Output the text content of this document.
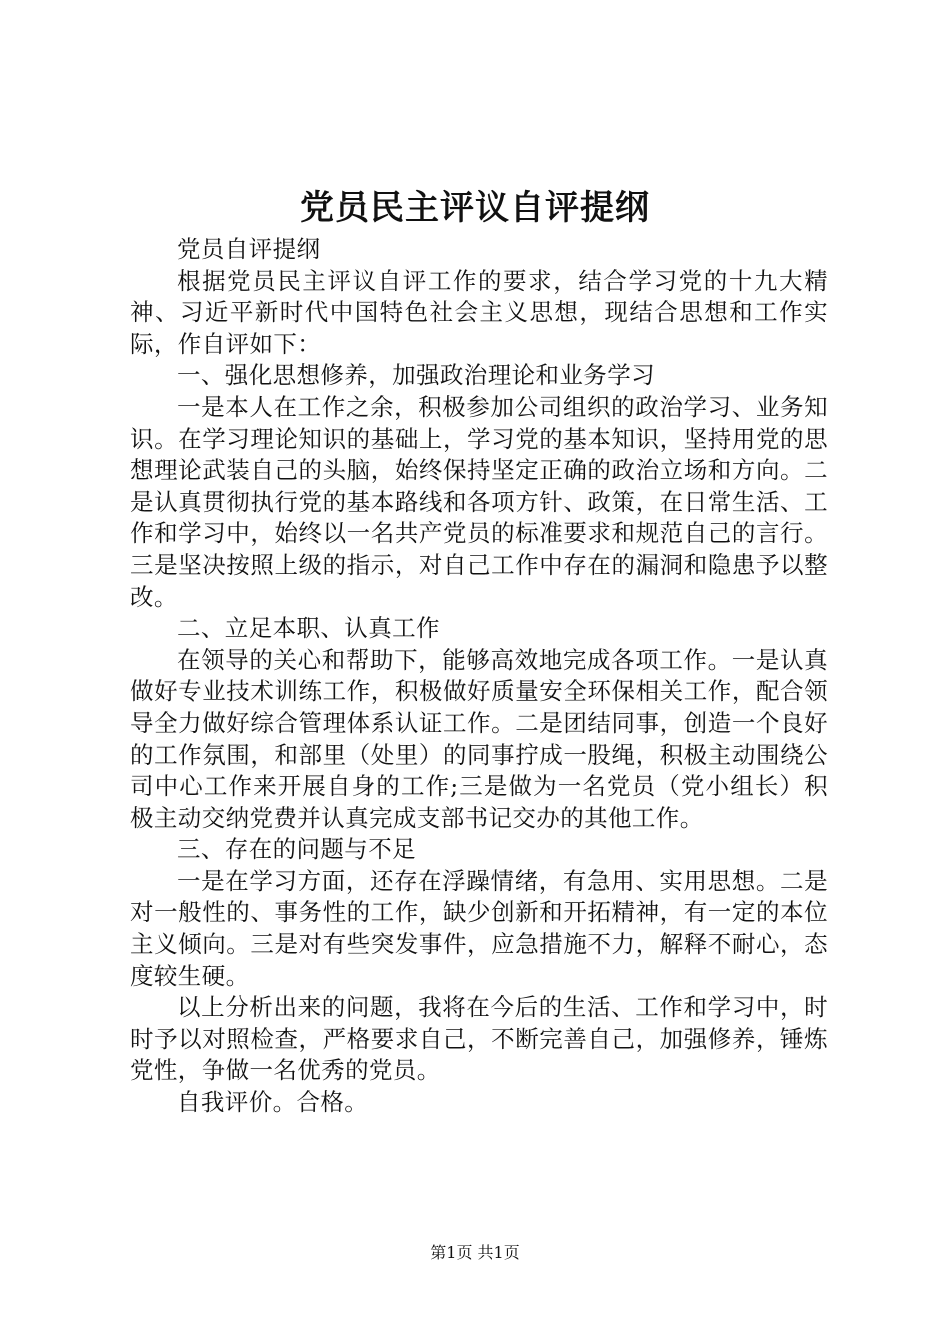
党员民主评议自评提纲

党员自评提纲

根据党员民主评议自评工作的要求，结合学习党的十九大精神、习近平新时代中国特色社会主义思想，现结合思想和工作实际，作自评如下：

一、强化思想修养，加强政治理论和业务学习

一是本人在工作之余，积极参加公司组织的政治学习、业务知识。在学习理论知识的基础上，学习党的基本知识，坚持用党的思想理论武装自己的头脑，始终保持坚定正确的政治立场和方向。二是认真贯彻执行党的基本路线和各项方针、政策，在日常生活、工作和学习中，始终以一名共产党员的标准要求和规范自己的言行。三是坚决按照上级的指示，对自己工作中存在的漏洞和隐患予以整改。

二、立足本职、认真工作

在领导的关心和帮助下，能够高效地完成各项工作。一是认真做好专业技术训练工作，积极做好质量安全环保相关工作，配合领导全力做好综合管理体系认证工作。二是团结同事，创造一个良好的工作氛围，和部里（处里）的同事拧成一股绳，积极主动围绕公司中心工作来开展自身的工作;三是做为一名党员（党小组长）积极主动交纳党费并认真完成支部书记交办的其他工作。

三、存在的问题与不足

一是在学习方面，还存在浮躁情绪，有急用、实用思想。二是对一般性的、事务性的工作，缺少创新和开拓精神，有一定的本位主义倾向。三是对有些突发事件，应急措施不力，解释不耐心，态度较生硬。

以上分析出来的问题，我将在今后的生活、工作和学习中，时时予以对照检查，严格要求自己，不断完善自己，加强修养，锤炼党性，争做一名优秀的党员。

自我评价。合格。

第1页 共1页
